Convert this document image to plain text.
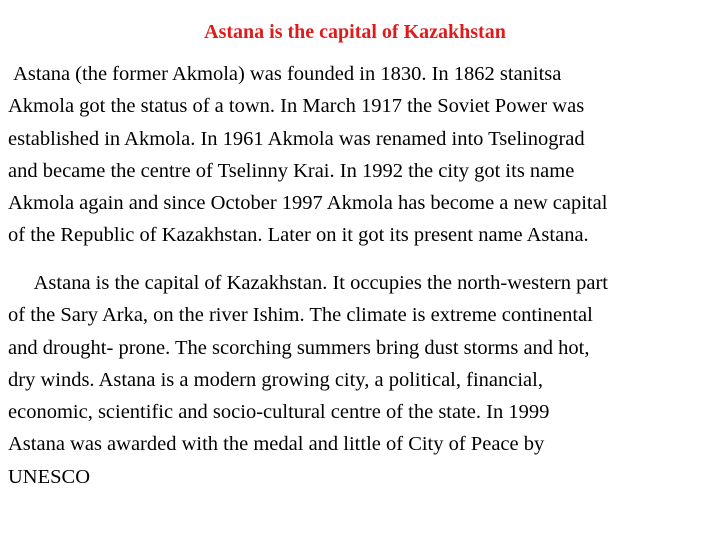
Astana is the capital of Kazakhstan

Astana (the former Akmola) was founded in 1830. In 1862 stanitsa
Akmola got the status of a town. In March 1917 the Soviet Power was
established in Akmola. In 1961 Akmola was renamed into Tselinograd
and became the centre of Tselinny Krai. In 1992 the city got its name
Akmola again and since October 1997 Akmola has become a new capital
of the Republic of Kazakhstan. Later on it got its present name Astana.

Astana is the capital of Kazakhstan. It occupies the north-western part
of the Sary Arka, on the river Ishim. The climate is extreme continental
and drought- prone. The scorching summers bring dust storms and hot,
dry winds. Astana is a modern growing city, a political, financial,
economic, scientific and socio-cultural centre of the state. In 1999
Astana was awarded with the medal and little of City of Peace by
UNESCO
